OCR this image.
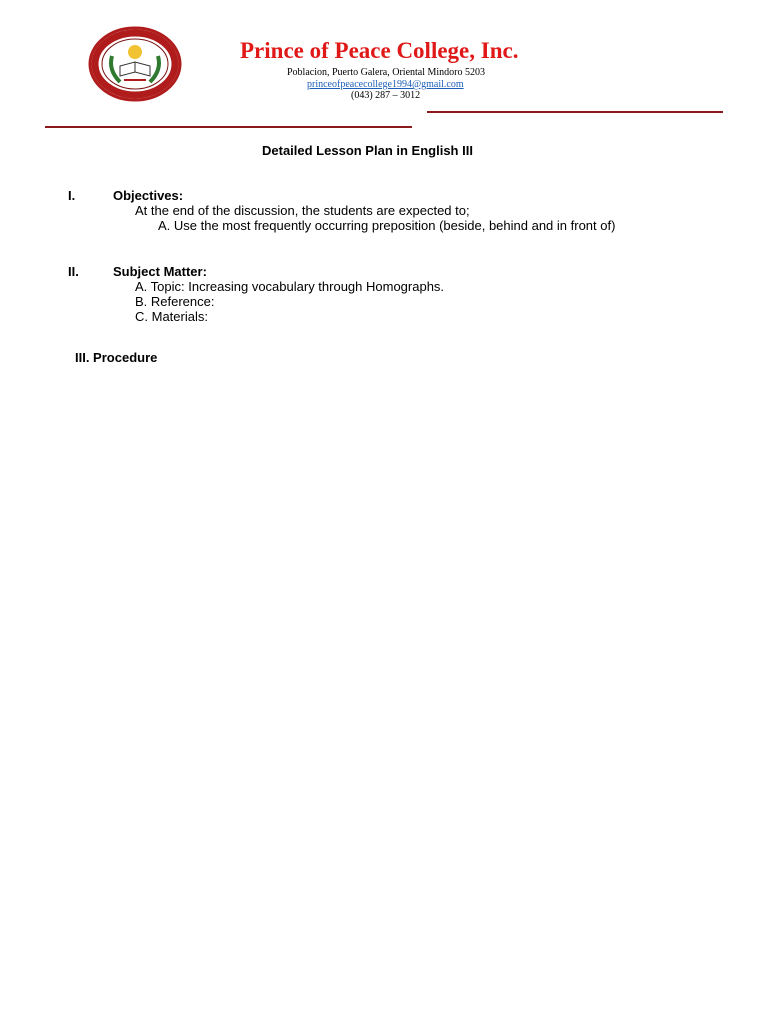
Prince of Peace College, Inc.
Poblacion, Puerto Galera, Oriental Mindoro 5203
princeofpeacecollege1994@gmail.com
(043) 287 – 3012
Detailed Lesson Plan in English III
I.	Objectives:
At the end of the discussion, the students are expected to;
A. Use the most frequently occurring preposition (beside, behind and in front of)
II.	Subject Matter:
A. Topic: Increasing vocabulary through Homographs.
B. Reference:
C. Materials:
III. Procedure
